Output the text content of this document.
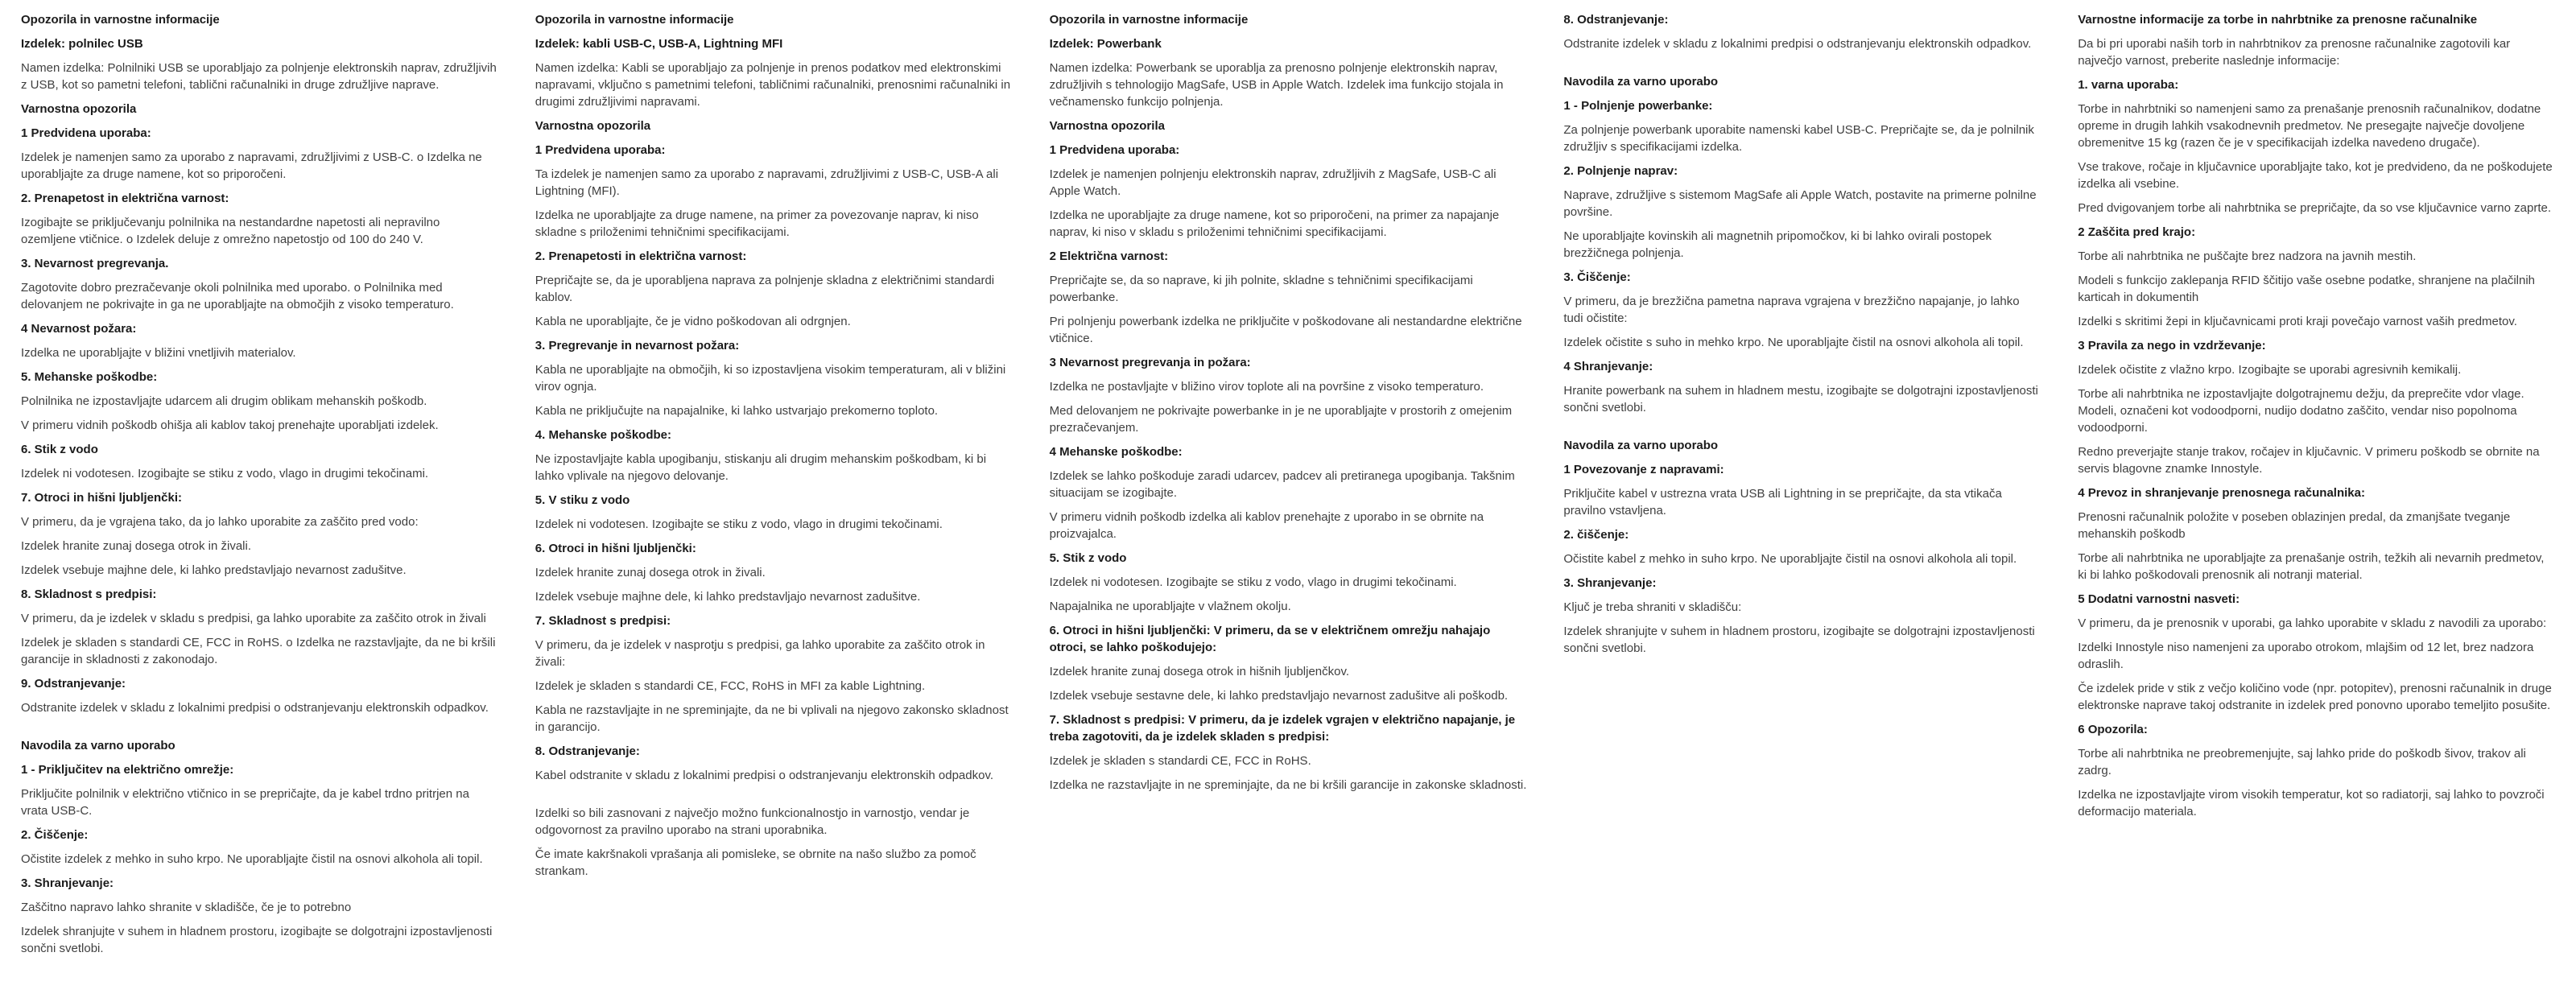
Opozorila in varnostne informacije
Izdelek: polnilec USB
Namen izdelka: Polnilniki USB se uporabljajo za polnjenje elektronskih naprav, združljivih z USB, kot so pametni telefoni, tablični računalniki in druge združljive naprave.
Varnostna opozorila
1 Predvidena uporaba:
Izdelek je namenjen samo za uporabo z napravami, združljivimi z USB-C. o Izdelka ne uporabljajte za druge namene, kot so priporočeni.
2. Prenapetost in električna varnost:
Izogibajte se priključevanju polnilnika na nestandardne napetosti ali nepravilno ozemljene vtičnice. o Izdelek deluje z omrežno napetostjo od 100 do 240 V.
3. Nevarnost pregrevanja.
Zagotovite dobro prezračevanje okoli polnilnika med uporabo. o Polnilnika med delovanjem ne pokrivajte in ga ne uporabljajte na območjih z visoko temperaturo.
4 Nevarnost požara:
Izdelka ne uporabljajte v bližini vnetljivih materialov.
5. Mehanske poškodbe:
Polnilnika ne izpostavljajte udarcem ali drugim oblikam mehanskih poškodb.
V primeru vidnih poškodb ohišja ali kablov takoj prenehajte uporabljati izdelek.
6. Stik z vodo
Izdelek ni vodotesen. Izogibajte se stiku z vodo, vlago in drugimi tekočinami.
7. Otroci in hišni ljubljenčki:
V primeru, da je vgrajena tako, da jo lahko uporabite za zaščito pred vodo:
Izdelek hranite zunaj dosega otrok in živali.
Izdelek vsebuje majhne dele, ki lahko predstavljajo nevarnost zadušitve.
8. Skladnost s predpisi:
V primeru, da je izdelek v skladu s predpisi, ga lahko uporabite za zaščito otrok in živali
Izdelek je skladen s standardi CE, FCC in RoHS. o Izdelka ne razstavljajte, da ne bi kršili garancije in skladnosti z zakonodajo.
9. Odstranjevanje:
Odstranite izdelek v skladu z lokalnimi predpisi o odstranjevanju elektronskih odpadkov.
Navodila za varno uporabo
1 - Priključitev na električno omrežje:
Priključite polnilnik v električno vtičnico in se prepričajte, da je kabel trdno pritrjen na vrata USB-C.
2. Čiščenje:
Očistite izdelek z mehko in suho krpo. Ne uporabljajte čistil na osnovi alkohola ali topil.
3. Shranjevanje:
Zaščitno napravo lahko shranite v skladišče, če je to potrebno
Izdelek shranjujte v suhem in hladnem prostoru, izogibajte se dolgotrajni izpostavljenosti sončni svetlobi.
Opozorila in varnostne informacije
Izdelek: kabli USB-C, USB-A, Lightning MFI
Namen izdelka: Kabli se uporabljajo za polnjenje in prenos podatkov med elektronskimi napravami, vključno s pametnimi telefoni, tabličnimi računalniki, prenosnimi računalniki in drugimi združljivimi napravami.
Varnostna opozorila
1 Predvidena uporaba:
Ta izdelek je namenjen samo za uporabo z napravami, združljivimi z USB-C, USB-A ali Lightning (MFI).
Izdelka ne uporabljajte za druge namene, na primer za povezovanje naprav, ki niso skladne s priloženimi tehničnimi specifikacijami.
2. Prenapetosti in električna varnost:
Prepričajte se, da je uporabljena naprava za polnjenje skladna z električnimi standardi kablov.
Kabla ne uporabljajte, če je vidno poškodovan ali odrgnjen.
3. Pregrevanje in nevarnost požara:
Kabla ne uporabljajte na območjih, ki so izpostavljena visokim temperaturam, ali v bližini virov ognja.
Kabla ne priključujte na napajalnike, ki lahko ustvarjajo prekomerno toploto.
4. Mehanske poškodbe:
Ne izpostavljajte kabla upogibanju, stiskanju ali drugim mehanskim poškodbam, ki bi lahko vplivale na njegovo delovanje.
5. V stiku z vodo
Izdelek ni vodotesen. Izogibajte se stiku z vodo, vlago in drugimi tekočinami.
6. Otroci in hišni ljubljenčki:
Izdelek hranite zunaj dosega otrok in živali.
Izdelek vsebuje majhne dele, ki lahko predstavljajo nevarnost zadušitve.
7. Skladnost s predpisi:
V primeru, da je izdelek v nasprotju s predpisi, ga lahko uporabite za zaščito otrok in živali:
Izdelek je skladen s standardi CE, FCC, RoHS in MFI za kable Lightning.
Kabla ne razstavljajte in ne spreminjajte, da ne bi vplivali na njegovo zakonsko skladnost in garancijo.
8. Odstranjevanje:
Kabel odstranite v skladu z lokalnimi predpisi o odstranjevanju elektronskih odpadkov.
Izdelki so bili zasnovani z največjo možno funkcionalnostjo in varnostjo, vendar je odgovornost za pravilno uporabo na strani uporabnika.
Če imate kakršnakoli vprašanja ali pomisleke, se obrnite na našo službo za pomoč strankam.
Opozorila in varnostne informacije
Izdelek: Powerbank
Namen izdelka: Powerbank se uporablja za prenosno polnjenje elektronskih naprav, združljivih s tehnologijo MagSafe, USB in Apple Watch. Izdelek ima funkcijo stojala in večnamensko funkcijo polnjenja.
Varnostna opozorila
1 Predvidena uporaba:
Izdelek je namenjen polnjenju elektronskih naprav, združljivih z MagSafe, USB-C ali Apple Watch.
Izdelka ne uporabljajte za druge namene, kot so priporočeni, na primer za napajanje naprav, ki niso v skladu s priloženimi tehničnimi specifikacijami.
2 Električna varnost:
Prepričajte se, da so naprave, ki jih polnite, skladne s tehničnimi specifikacijami powerbanke.
Pri polnjenju powerbank izdelka ne priključite v poškodovane ali nestandardne električne vtičnice.
3 Nevarnost pregrevanja in požara:
Izdelka ne postavljajte v bližino virov toplote ali na površine z visoko temperaturo.
Med delovanjem ne pokrivajte powerbanke in je ne uporabljajte v prostorih z omejenim prezračevanjem.
4 Mehanske poškodbe:
Izdelek se lahko poškoduje zaradi udarcev, padcev ali pretiranega upogibanja. Takšnim situacijam se izogibajte.
V primeru vidnih poškodb izdelka ali kablov prenehajte z uporabo in se obrnite na proizvajalca.
5. Stik z vodo
Izdelek ni vodotesen. Izogibajte se stiku z vodo, vlago in drugimi tekočinami.
Napajalnika ne uporabljajte v vlažnem okolju.
6. Otroci in hišni ljubljenčki: V primeru, da se v električnem omrežju nahajajo otroci, se lahko poškodujejo:
Izdelek hranite zunaj dosega otrok in hišnih ljubljenčkov.
Izdelek vsebuje sestavne dele, ki lahko predstavljajo nevarnost zadušitve ali poškodb.
7. Skladnost s predpisi: V primeru, da je izdelek vgrajen v električno napajanje, je treba zagotoviti, da je izdelek skladen s predpisi:
Izdelek je skladen s standardi CE, FCC in RoHS.
Izdelka ne razstavljajte in ne spreminjajte, da ne bi kršili garancije in zakonske skladnosti.
8. Odstranjevanje:
Odstranite izdelek v skladu z lokalnimi predpisi o odstranjevanju elektronskih odpadkov.
Navodila za varno uporabo
1 - Polnjenje powerbanke:
Za polnjenje powerbank uporabite namenski kabel USB-C. Prepričajte se, da je polnilnik združljiv s specifikacijami izdelka.
2. Polnjenje naprav:
Naprave, združljive s sistemom MagSafe ali Apple Watch, postavite na primerne polnilne površine.
Ne uporabljajte kovinskih ali magnetnih pripomočkov, ki bi lahko ovirali postopek brezžičnega polnjenja.
3. Čiščenje:
V primeru, da je brezžična pametna naprava vgrajena v brezžično napajanje, jo lahko tudi očistite:
Izdelek očistite s suho in mehko krpo. Ne uporabljajte čistil na osnovi alkohola ali topil.
4 Shranjevanje:
Hranite powerbank na suhem in hladnem mestu, izogibajte se dolgotrajni izpostavljenosti sončni svetlobi.
Navodila za varno uporabo
1 Povezovanje z napravami:
Priključite kabel v ustrezna vrata USB ali Lightning in se prepričajte, da sta vtikača pravilno vstavljena.
2. čiščenje:
Očistite kabel z mehko in suho krpo. Ne uporabljajte čistil na osnovi alkohola ali topil.
3. Shranjevanje:
Ključ je treba shraniti v skladišču:
Izdelek shranjujte v suhem in hladnem prostoru, izogibajte se dolgotrajni izpostavljenosti sončni svetlobi.
Varnostne informacije za torbe in nahrbtnike za prenosne računalnike
Da bi pri uporabi naših torb in nahrbtnikov za prenosne računalnike zagotovili kar največjo varnost, preberite naslednje informacije:
1. varna uporaba:
Torbe in nahrbtniki so namenjeni samo za prenašanje prenosnih računalnikov, dodatne opreme in drugih lahkih vsakodnevnih predmetov. Ne presegajte največje dovoljene obremenitve 15 kg (razen če je v specifikacijah izdelka navedeno drugače).
Vse trakove, ročaje in ključavnice uporabljajte tako, kot je predvideno, da ne poškodujete izdelka ali vsebine.
Pred dvigovanjem torbe ali nahrbtnika se prepričajte, da so vse ključavnice varno zaprte.
2 Zaščita pred krajo:
Torbe ali nahrbtnika ne puščajte brez nadzora na javnih mestih.
Modeli s funkcijo zaklepanja RFID ščitijo vaše osebne podatke, shranjene na plačilnih karticah in dokumentih
Izdelki s skritimi žepi in ključavnicami proti kraji povečajo varnost vaših predmetov.
3 Pravila za nego in vzdrževanje:
Izdelek očistite z vlažno krpo. Izogibajte se uporabi agresivnih kemikalij.
Torbe ali nahrbtnika ne izpostavljajte dolgotrajnemu dežju, da preprečite vdor vlage. Modeli, označeni kot vodoodporni, nudijo dodatno zaščito, vendar niso popolnoma vodoodporni.
Redno preverjajte stanje trakov, ročajev in ključavnic. V primeru poškodb se obrnite na servis blagovne znamke Innostyle.
4 Prevoz in shranjevanje prenosnega računalnika:
Prenosni računalnik položite v poseben oblazinjen predal, da zmanjšate tveganje mehanskih poškodb
Torbe ali nahrbtnika ne uporabljajte za prenašanje ostrih, težkih ali nevarnih predmetov, ki bi lahko poškodovali prenosnik ali notranji material.
5 Dodatni varnostni nasveti:
V primeru, da je prenosnik v uporabi, ga lahko uporabite v skladu z navodili za uporabo:
Izdelki Innostyle niso namenjeni za uporabo otrokom, mlajšim od 12 let, brez nadzora odraslih.
Če izdelek pride v stik z večjo količino vode (npr. potopitev), prenosni računalnik in druge elektronske naprave takoj odstranite in izdelek pred ponovno uporabo temeljito posušite.
6 Opozorila:
Torbe ali nahrbtnika ne preobremenjujte, saj lahko pride do poškodb šivov, trakov ali zadrg.
Izdelka ne izpostavljajte virom visokih temperatur, kot so radiatorji, saj lahko to povzroči deformacijo materiala.
